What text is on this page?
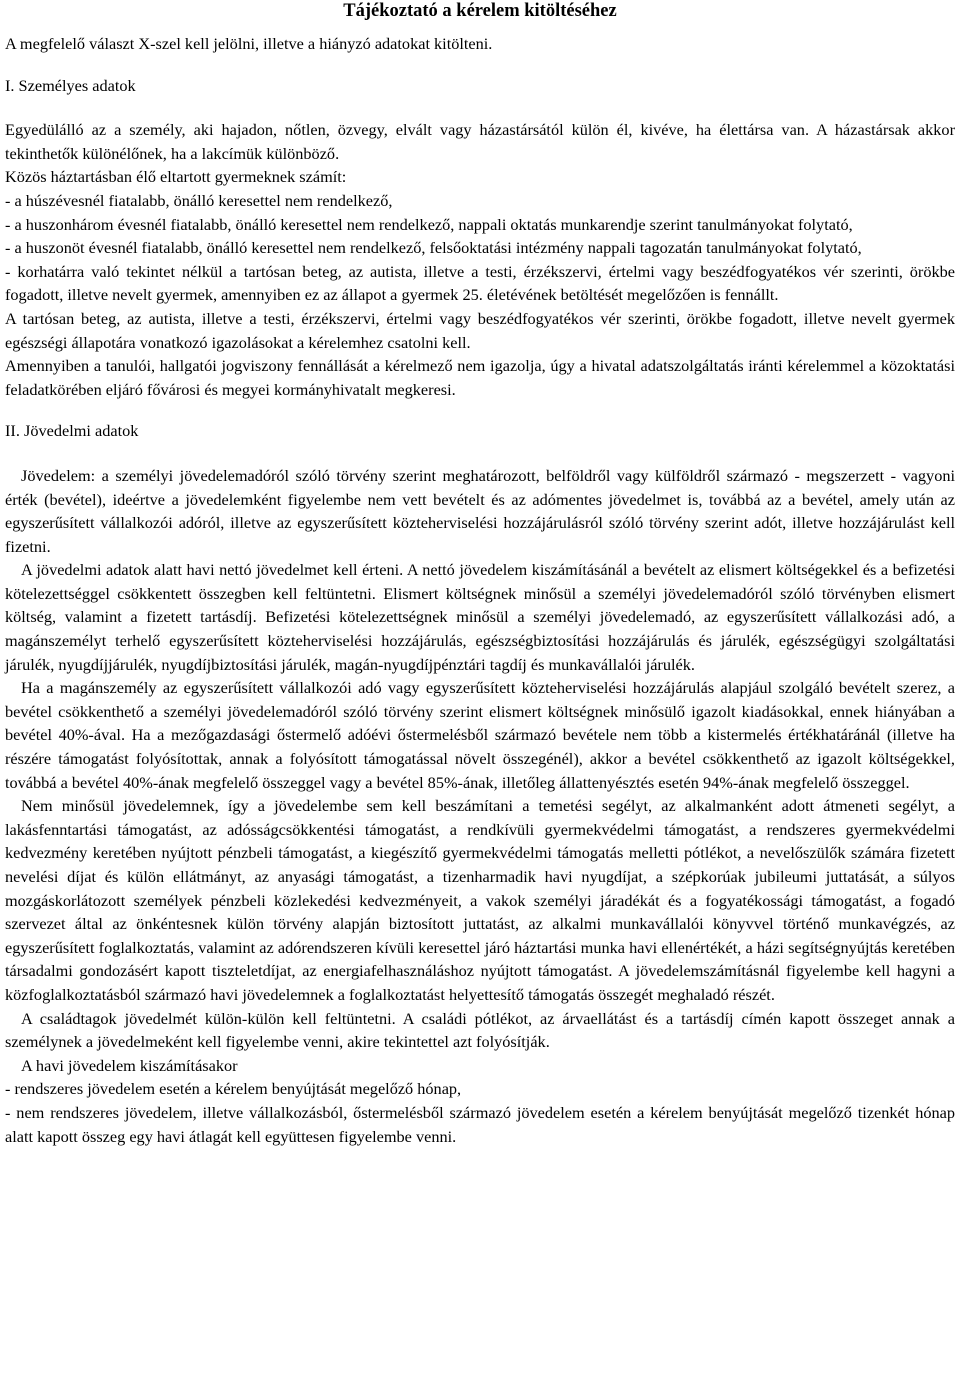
Tájékoztató a kérelem kitöltéséhez

A megfelelő választ X-szel kell jelölni, illetve a hiányzó adatokat kitölteni.

I. Személyes adatok

Egyedülálló az a személy, aki hajadon, nőtlen, özvegy, elvált vagy házastársától külön él, kivéve, ha élettársa van. A házastársak akkor tekinthetők különélőnek, ha a lakcímük különböző.

Közös háztartásban élő eltartott gyermeknek számít:

- a húszévesnél fiatalabb, önálló keresettel nem rendelkező,

- a huszonhárom évesnél fiatalabb, önálló keresettel nem rendelkező, nappali oktatás munkarendje szerint tanulmányokat folytató,

- a huszonöt évesnél fiatalabb, önálló keresettel nem rendelkező, felsőoktatási intézmény nappali tagozatán tanulmányokat folytató,

- korhatárra való tekintet nélkül a tartósan beteg, az autista, illetve a testi, érzékszervi, értelmi vagy beszédfogyatékos vér szerinti, örökbe fogadott, illetve nevelt gyermek, amennyiben ez az állapot a gyermek 25. életévének betöltését megelőzően is fennállt.

A tartósan beteg, az autista, illetve a testi, érzékszervi, értelmi vagy beszédfogyatékos vér szerinti, örökbe fogadott, illetve nevelt gyermek egészségi állapotára vonatkozó igazolásokat a kérelemhez csatolni kell.

Amennyiben a tanulói, hallgatói jogviszony fennállását a kérelmező nem igazolja, úgy a hivatal adatszolgáltatás iránti kérelemmel a közoktatási feladatkörében eljáró fővárosi és megyei kormányhivatalt megkeresi.

II. Jövedelmi adatok

Jövedelem: a személyi jövedelemadóról szóló törvény szerint meghatározott, belföldről vagy külföldről származó - megszerzett - vagyoni érték (bevétel), ideértve a jövedelemként figyelembe nem vett bevételt és az adómentes jövedelmet is, továbbá az a bevétel, amely után az egyszerűsített vállalkozói adóról, illetve az egyszerűsített közteherviselési hozzájárulásról szóló törvény szerint adót, illetve hozzájárulást kell fizetni.

A jövedelmi adatok alatt havi nettó jövedelmet kell érteni. A nettó jövedelem kiszámításánál a bevételt az elismert költségekkel és a befizetési kötelezettséggel csökkentett összegben kell feltüntetni. Elismert költségnek minősül a személyi jövedelemadóról szóló törvényben elismert költség, valamint a fizetett tartásdíj. Befizetési kötelezettségnek minősül a személyi jövedelemadó, az egyszerűsített vállalkozási adó, a magánszemélyt terhelő egyszerűsített közteherviselési hozzájárulás, egészségbiztosítási hozzájárulás és járulék, egészségügyi szolgáltatási járulék, nyugdíjjárulék, nyugdíjbiztosítási járulék, magán-nyugdíjpénztári tagdíj és munkavállalói járulék.

Ha a magánszemély az egyszerűsített vállalkozói adó vagy egyszerűsített közteherviselési hozzájárulás alapjául szolgáló bevételt szerez, a bevétel csökkenthető a személyi jövedelemadóról szóló törvény szerint elismert költségnek minősülő igazolt kiadásokkal, ennek hiányában a bevétel 40%-ával. Ha a mezőgazdasági őstermelő adóévi őstermelésből származó bevétele nem több a kistermelés értékhatáránál (illetve ha részére támogatást folyósítottak, annak a folyósított támogatással növelt összegénél), akkor a bevétel csökkenthető az igazolt költségekkel, továbbá a bevétel 40%-ának megfelelő összeggel vagy a bevétel 85%-ának, illetőleg állattenyésztés esetén 94%-ának megfelelő összeggel.

Nem minősül jövedelemnek, így a jövedelembe sem kell beszámítani a temetési segélyt, az alkalmanként adott átmeneti segélyt, a lakásfenntartási támogatást, az adósságcsökkentési támogatást, a rendkívüli gyermekvédelmi támogatást, a rendszeres gyermekvédelmi kedvezmény keretében nyújtott pénzbeli támogatást, a kiegészítő gyermekvédelmi támogatás melletti pótlékot, a nevelőszülők számára fizetett nevelési díjat és külön ellátmányt, az anyasági támogatást, a tizenharmadik havi nyugdíjat, a szépkorúak jubileumi juttatását, a súlyos mozgáskorlátozott személyek pénzbeli közlekedési kedvezményeit, a vakok személyi járadékát és a fogyatékossági támogatást, a fogadó szervezet által az önkéntesnek külön törvény alapján biztosított juttatást, az alkalmi munkavállalói könyvvel történő munkavégzés, az egyszerűsített foglalkoztatás, valamint az adórendszeren kívüli keresettel járó háztartási munka havi ellenértékét, a házi segítségnyújtás keretében társadalmi gondozásért kapott tiszteletdíjat, az energiafelhasználáshoz nyújtott támogatást. A jövedelemszámításnál figyelembe kell hagyni a közfoglalkoztatásból származó havi jövedelemnek a foglalkoztatást helyettesítő támogatás összegét meghaladó részét.

A családtagok jövedelmét külön-külön kell feltüntetni. A családi pótlékot, az árvaellátást és a tartásdíj címén kapott összeget annak a személynek a jövedelmeként kell figyelembe venni, akire tekintettel azt folyósítják.

A havi jövedelem kiszámításakor

- rendszeres jövedelem esetén a kérelem benyújtását megelőző hónap,

- nem rendszeres jövedelem, illetve vállalkozásból, őstermelésből származó jövedelem esetén a kérelem benyújtását megelőző tizenkét hónap alatt kapott összeg egy havi átlagát kell együttesen figyelembe venni.
